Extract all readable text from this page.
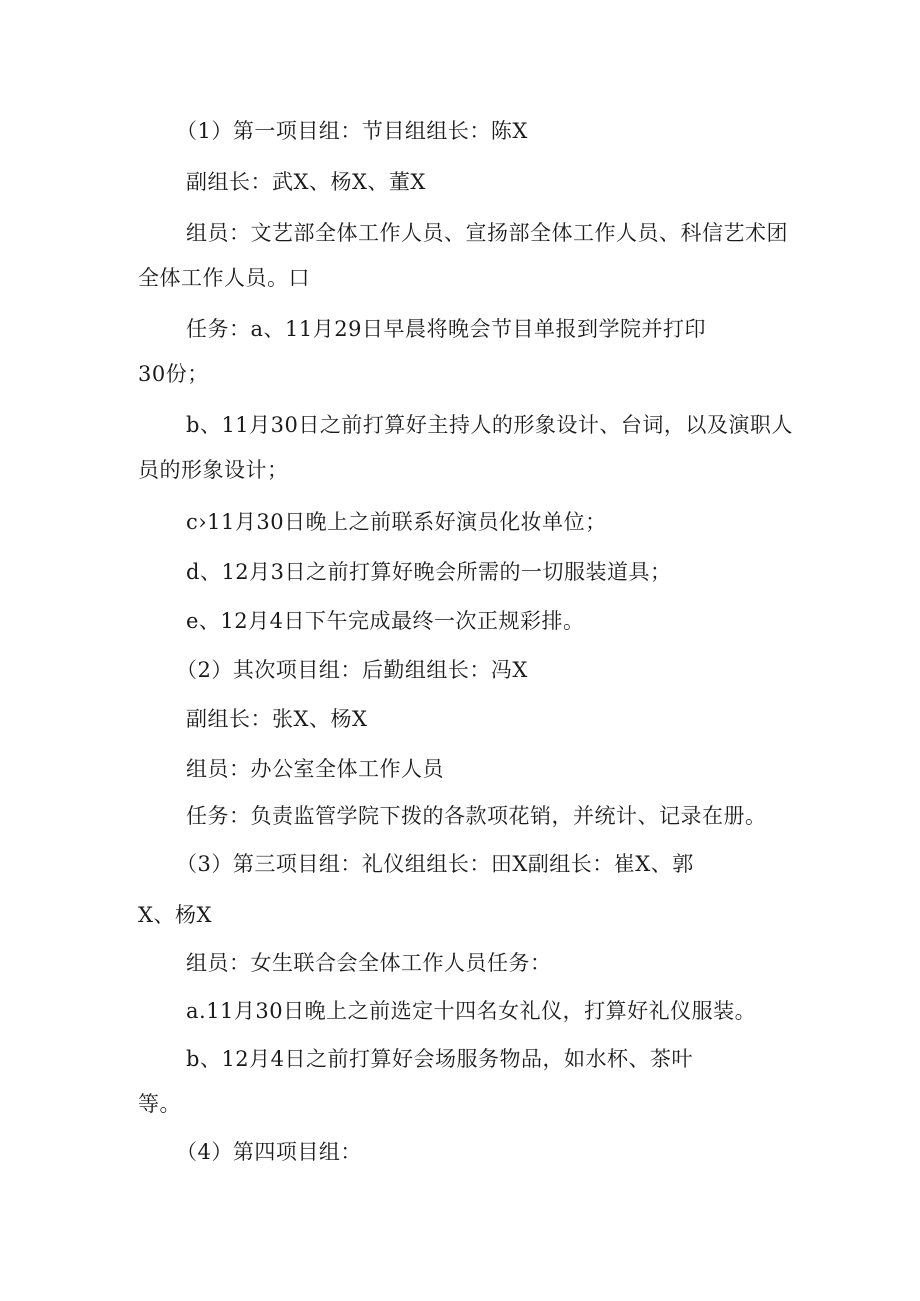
（1）第一项目组：节目组组长：陈X

副组长：武X、杨X、董X

组员：文艺部全体工作人员、宣扬部全体工作人员、科信艺术团

全体工作人员。口

任务：a、11月29日早晨将晚会节目单报到学院并打印

30份；

b、11月30日之前打算好主持人的形象设计、台词，以及演职人

员的形象设计；

c›11月30日晚上之前联系好演员化妆单位；

d、12月3日之前打算好晚会所需的一切服装道具；

e、12月4日下午完成最终一次正规彩排。

（2）其次项目组：后勤组组长：冯X

副组长：张X、杨X

组员：办公室全体工作人员

任务：负责监管学院下拨的各款项花销，并统计、记录在册。

（3）第三项目组：礼仪组组长：田X副组长：崔X、郭

X、杨X

组员：女生联合会全体工作人员任务：

a.11月30日晚上之前选定十四名女礼仪，打算好礼仪服装。

b、12月4日之前打算好会场服务物品，如水杯、茶叶

等。

（4）第四项目组：
